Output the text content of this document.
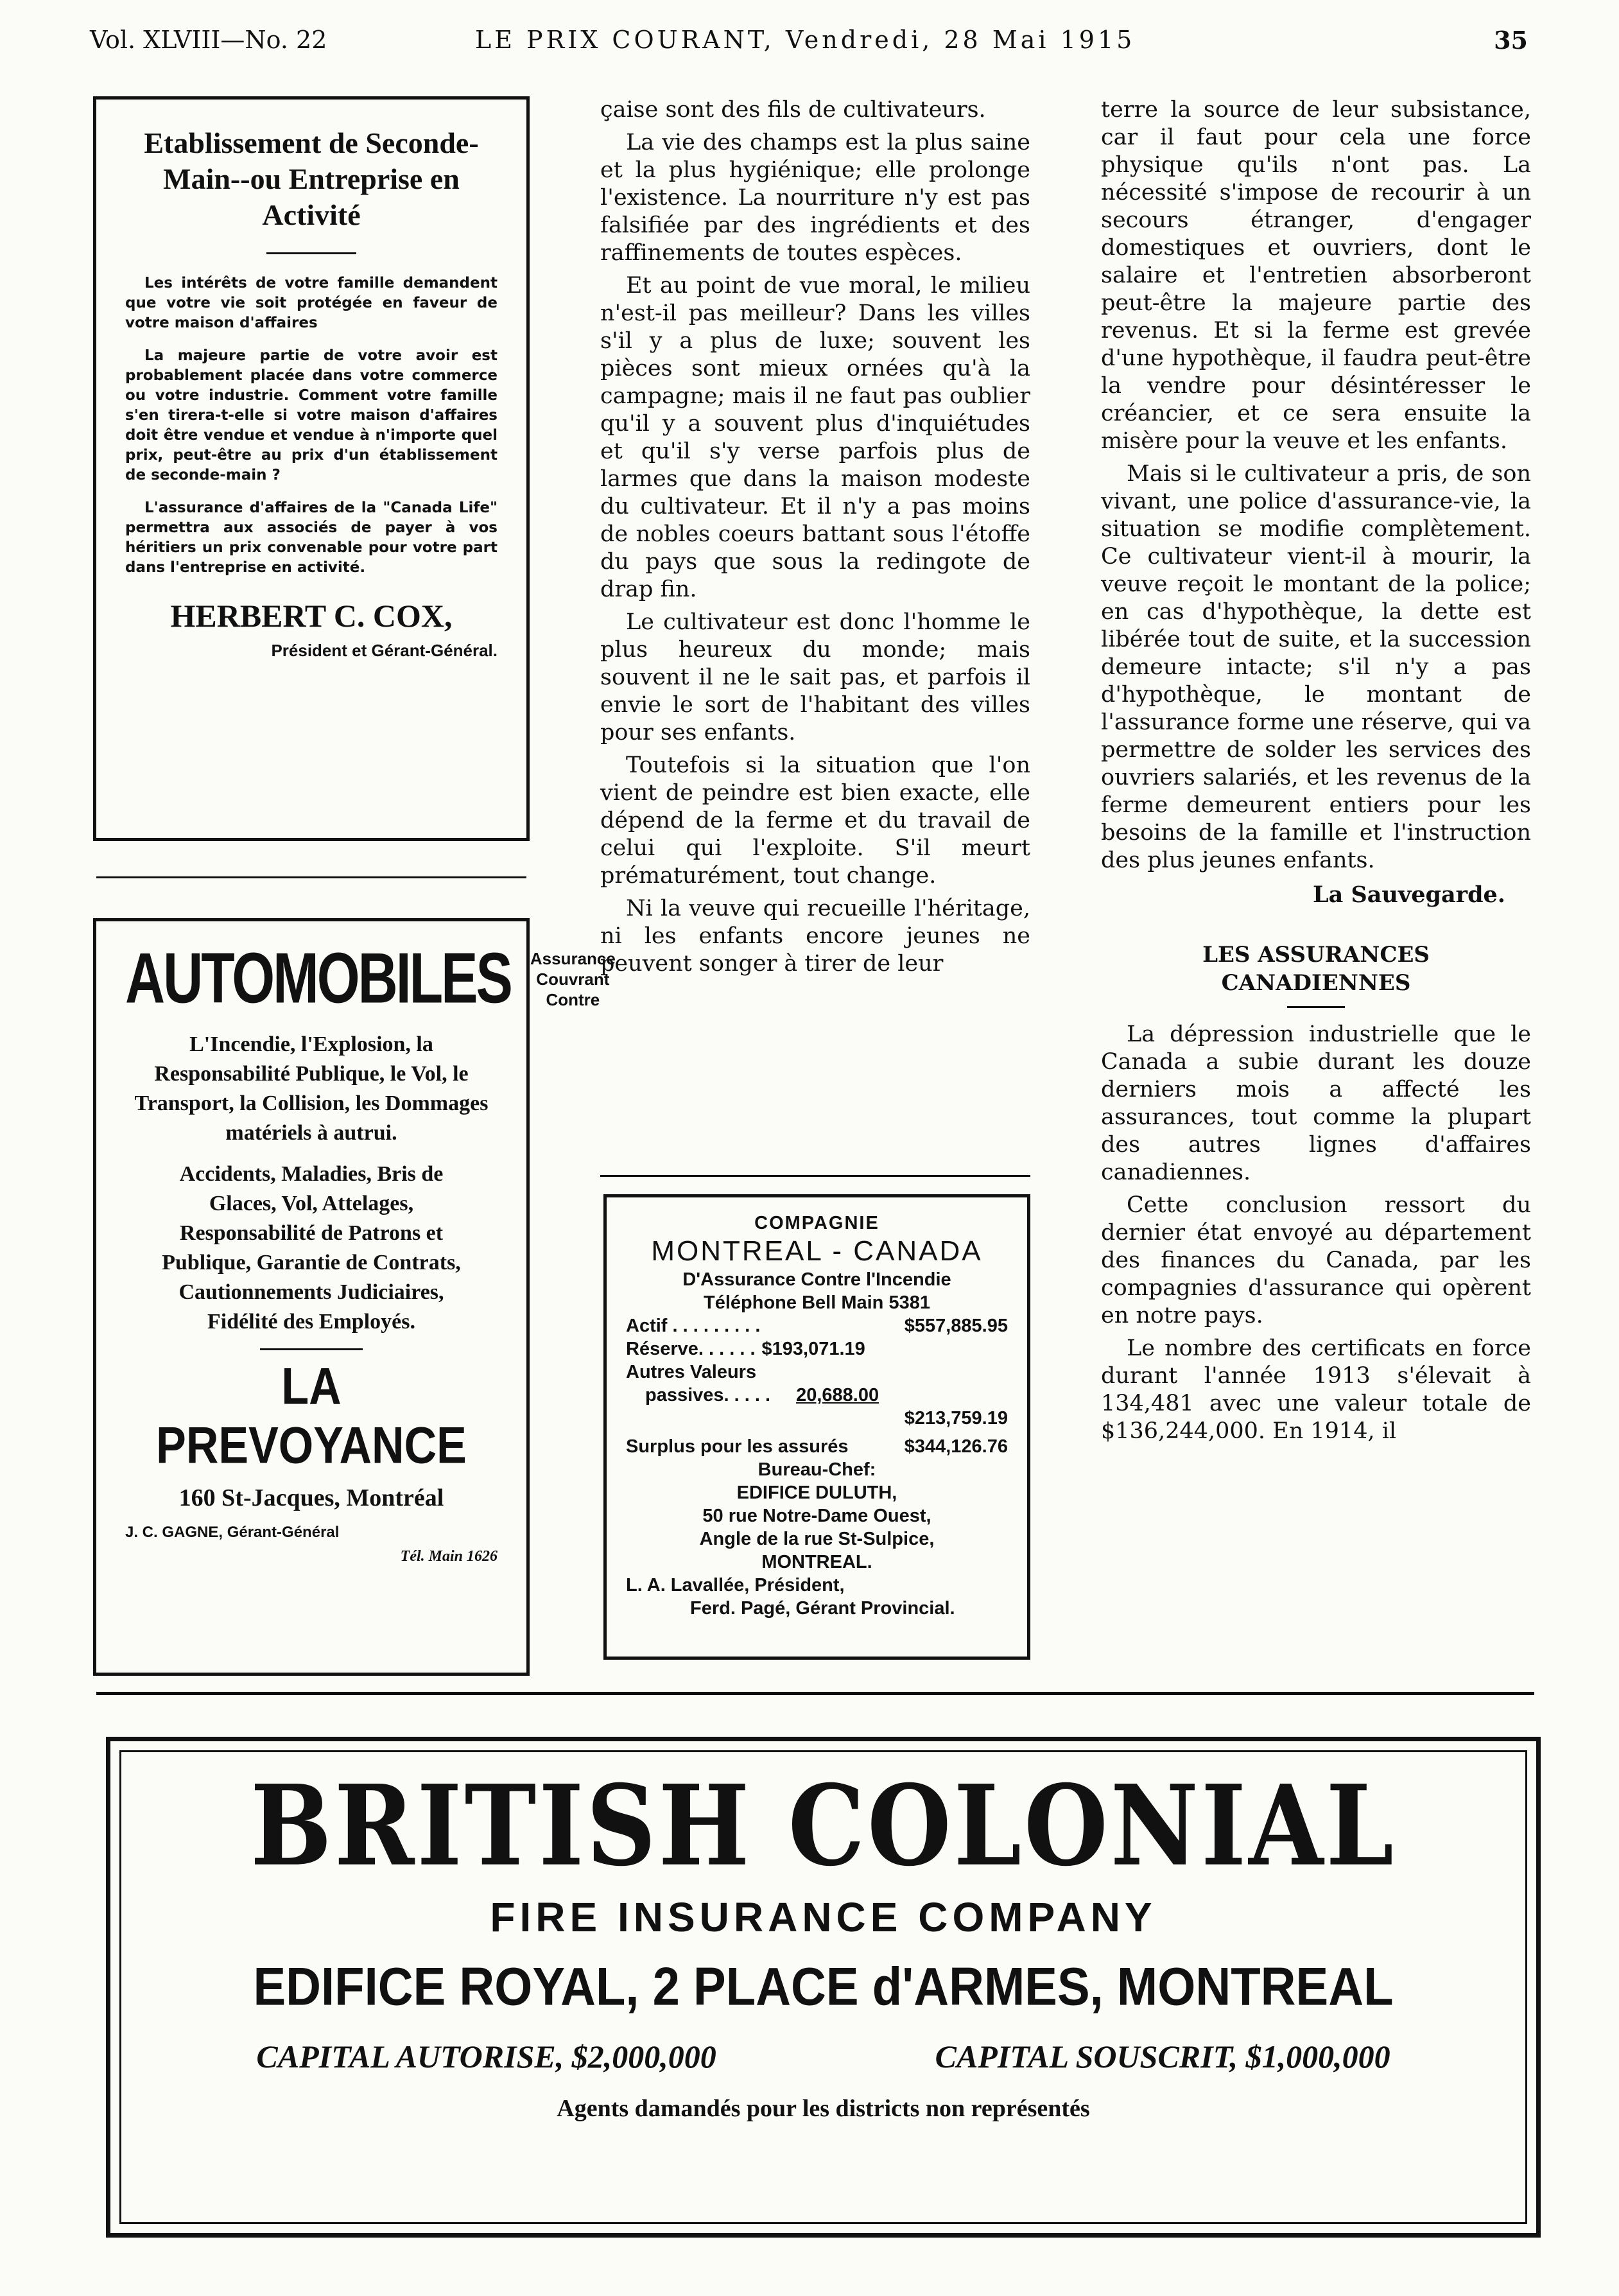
Vol. XLVIII—No. 22	LE PRIX COURANT, Vendredi, 28 Mai 1915	35
Etablissement de Seconde-Main--ou Entreprise en Activité
Les intérêts de votre famille demandent que votre vie soit protégée en faveur de votre maison d'affaires
La majeure partie de votre avoir est probablement placée dans votre commerce ou votre industrie. Comment votre famille s'en tirera-t-elle si votre maison d'affaires doit être vendue et vendue à n'importe quel prix, peut-être au prix d'un établissement de seconde-main ?
L'assurance d'affaires de la "Canada Life" permettra aux associés de payer à vos héritiers un prix convenable pour votre part dans l'entreprise en activité.
HERBERT C. COX,
Président et Gérant-Général.
AUTOMOBILES Assurance Couvrant Contre
L'Incendie, l'Explosion, la Responsabilité Publique, le Vol, le Transport, la Collision, les Dommages matériels à autrui.
Accidents, Maladies, Bris de Glaces, Vol, Attelages, Responsabilité de Patrons et Publique, Garantie de Contrats, Cautionnements Judiciaires, Fidélité des Employés.
LA PREVOYANCE
160 St-Jacques, Montréal
J. C. GAGNE, Gérant-Général
Tél. Main 1626

çaise sont des fils de cultivateurs.

La vie des champs est la plus saine et la plus hygiénique; elle prolonge l'existence. La nourriture n'y est pas falsifiée par des ingrédients et des raffinements de toutes espèces.

Et au point de vue moral, le milieu n'est-il pas meilleur? Dans les villes s'il y a plus de luxe; souvent les pièces sont mieux ornées qu'à la campagne; mais il ne faut pas oublier qu'il y a souvent plus d'inquiétudes et qu'il s'y verse parfois plus de larmes que dans la maison modeste du cultivateur. Et il n'y a pas moins de nobles coeurs battant sous l'étoffe du pays que sous la redingote de drap fin.

Le cultivateur est donc l'homme le plus heureux du monde; mais souvent il ne le sait pas, et parfois il envie le sort de l'habitant des villes pour ses enfants.

Toutefois si la situation que l'on vient de peindre est bien exacte, elle dépend de la ferme et du travail de celui qui l'exploite. S'il meurt prématurément, tout change.

Ni la veuve qui recueille l'héritage, ni les enfants encore jeunes ne peuvent songer à tirer de leur

COMPAGNIE
MONTREAL - CANADA
D'Assurance Contre l'Incendie
Téléphone Bell Main 5381
Actif . . . . . . . . .	$557,885.95
Réserve. . . . . . $193,071.19
Autres Valeurs
passives. . . . . 20,688.00
$213,759.19
Surplus pour les assurés	$344,126.76
Bureau-Chef:
EDIFICE DULUTH,
50 rue Notre-Dame Ouest,
Angle de la rue St-Sulpice,
MONTREAL.
L. A. Lavallée, Président,
Ferd. Pagé, Gérant Provincial.

terre la source de leur subsistance, car il faut pour cela une force physique qu'ils n'ont pas. La nécessité s'impose de recourir à un secours étranger, d'engager domestiques et ouvriers, dont le salaire et l'entretien absorberont peut-être la majeure partie des revenus. Et si la ferme est grevée d'une hypothèque, il faudra peut-être la vendre pour désintéresser le créancier, et ce sera ensuite la misère pour la veuve et les enfants.

Mais si le cultivateur a pris, de son vivant, une police d'assurance-vie, la situation se modifie complètement. Ce cultivateur vient-il à mourir, la veuve reçoit le montant de la police; en cas d'hypothèque, la dette est libérée tout de suite, et la succession demeure intacte; s'il n'y a pas d'hypothèque, le montant de l'assurance forme une réserve, qui va permettre de solder les services des ouvriers salariés, et les revenus de la ferme demeurent entiers pour les besoins de la famille et l'instruction des plus jeunes enfants.

La Sauvegarde.
LES ASSURANCES CANADIENNES

La dépression industrielle que le Canada a subie durant les douze derniers mois a affecté les assurances, tout comme la plupart des autres lignes d'affaires canadiennes.

Cette conclusion ressort du dernier état envoyé au département des finances du Canada, par les compagnies d'assurance qui opèrent en notre pays.

Le nombre des certificats en force durant l'année 1913 s'élevait à 134,481 avec une valeur totale de $136,244,000. En 1914, il

BRITISH COLONIAL
FIRE INSURANCE COMPANY
EDIFICE ROYAL, 2 PLACE d'ARMES, MONTREAL
CAPITAL AUTORISE, $2,000,000	CAPITAL SOUSCRIT, $1,000,000
Agents damandés pour les districts non représentés
